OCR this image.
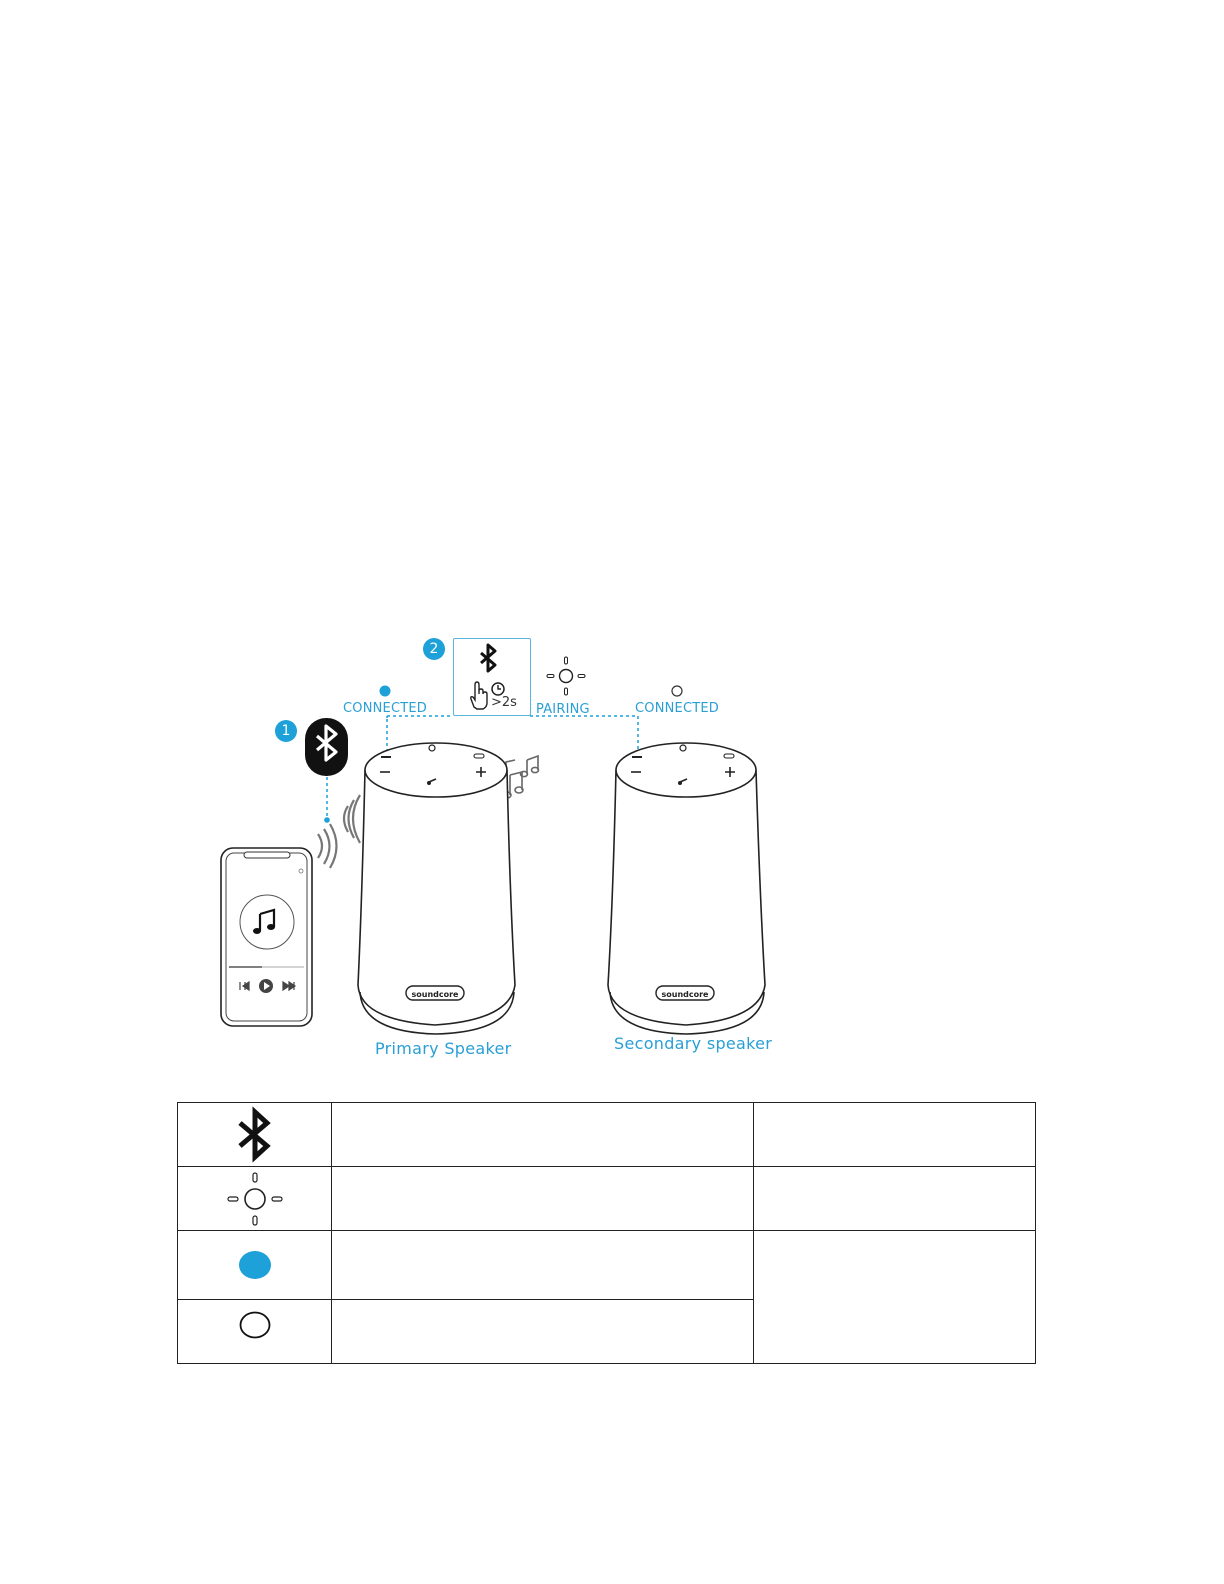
2
1
>2s
CONNECTED	PAIRING	CONNECTED
soundcore	soundcore
Primary Speaker	Secondary speaker
